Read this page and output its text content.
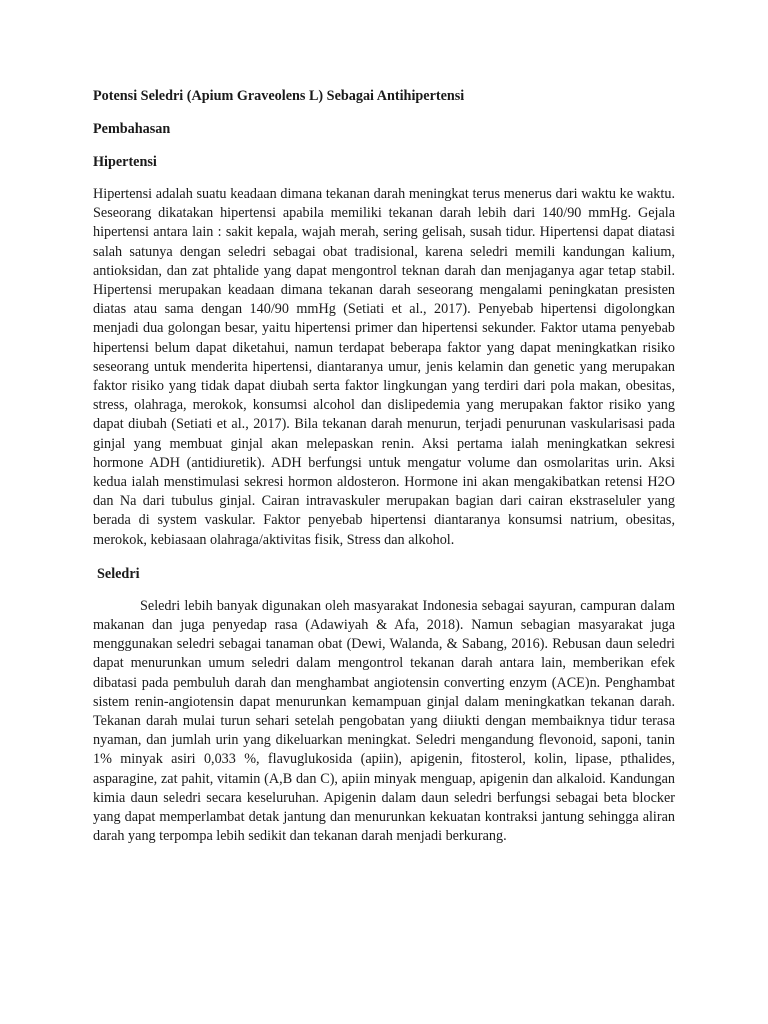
Potensi Seledri (Apium Graveolens L) Sebagai Antihipertensi
Pembahasan
Hipertensi

Hipertensi adalah suatu keadaan dimana tekanan darah meningkat terus menerus dari waktu ke waktu. Seseorang dikatakan hipertensi apabila memiliki tekanan darah lebih dari 140/90 mmHg. Gejala hipertensi antara lain : sakit kepala, wajah merah, sering gelisah, susah tidur. Hipertensi dapat diatasi salah satunya dengan seledri sebagai obat tradisional, karena seledri memili kandungan kalium, antioksidan, dan zat phtalide yang dapat mengontrol teknan darah dan menjaganya agar tetap stabil. Hipertensi merupakan keadaan dimana tekanan darah seseorang mengalami peningkatan presisten diatas atau sama dengan 140/90 mmHg (Setiati et al., 2017). Penyebab hipertensi digolongkan menjadi dua golongan besar, yaitu hipertensi primer dan hipertensi sekunder. Faktor utama penyebab hipertensi belum dapat diketahui, namun terdapat beberapa faktor yang dapat meningkatkan risiko seseorang untuk menderita hipertensi, diantaranya umur, jenis kelamin dan genetic yang merupakan faktor risiko yang tidak dapat diubah serta faktor lingkungan yang terdiri dari pola makan, obesitas, stress, olahraga, merokok, konsumsi alcohol dan dislipedemia yang merupakan faktor risiko yang dapat diubah (Setiati et al., 2017). Bila tekanan darah menurun, terjadi penurunan vaskularisasi pada ginjal yang membuat ginjal akan melepaskan renin. Aksi pertama ialah meningkatkan sekresi hormone ADH (antidiuretik). ADH berfungsi untuk mengatur volume dan osmolaritas urin. Aksi kedua ialah menstimulasi sekresi hormon aldosteron. Hormone ini akan mengakibatkan retensi H2O dan Na dari tubulus ginjal. Cairan intravaskuler merupakan bagian dari cairan ekstraseluler yang berada di system vaskular. Faktor penyebab hipertensi diantaranya konsumsi natrium, obesitas, merokok, kebiasaan olahraga/aktivitas fisik, Stress dan alkohol.

Seledri

Seledri lebih banyak digunakan oleh masyarakat Indonesia sebagai sayuran, campuran dalam makanan dan juga penyedap rasa (Adawiyah & Afa, 2018). Namun sebagian masyarakat juga menggunakan seledri sebagai tanaman obat (Dewi, Walanda, & Sabang, 2016). Rebusan daun seledri dapat menurunkan umum seledri dalam mengontrol tekanan darah antara lain, memberikan efek dibatasi pada pembuluh darah dan menghambat angiotensin converting enzym (ACE)n. Penghambat sistem renin-angiotensin dapat menurunkan kemampuan ginjal dalam meningkatkan tekanan darah. Tekanan darah mulai turun sehari setelah pengobatan yang diiukti dengan membaiknya tidur terasa nyaman, dan jumlah urin yang dikeluarkan meningkat. Seledri mengandung flevonoid, saponi, tanin 1% minyak asiri 0,033 %, flavuglukosida (apiin), apigenin, fitosterol, kolin, lipase, pthalides, asparagine, zat pahit, vitamin (A,B dan C), apiin minyak menguap, apigenin dan alkaloid. Kandungan kimia daun seledri secara keseluruhan. Apigenin dalam daun seledri berfungsi sebagai beta blocker yang dapat memperlambat detak jantung dan menurunkan kekuatan kontraksi jantung sehingga aliran darah yang terpompa lebih sedikit dan tekanan darah menjadi berkurang.
